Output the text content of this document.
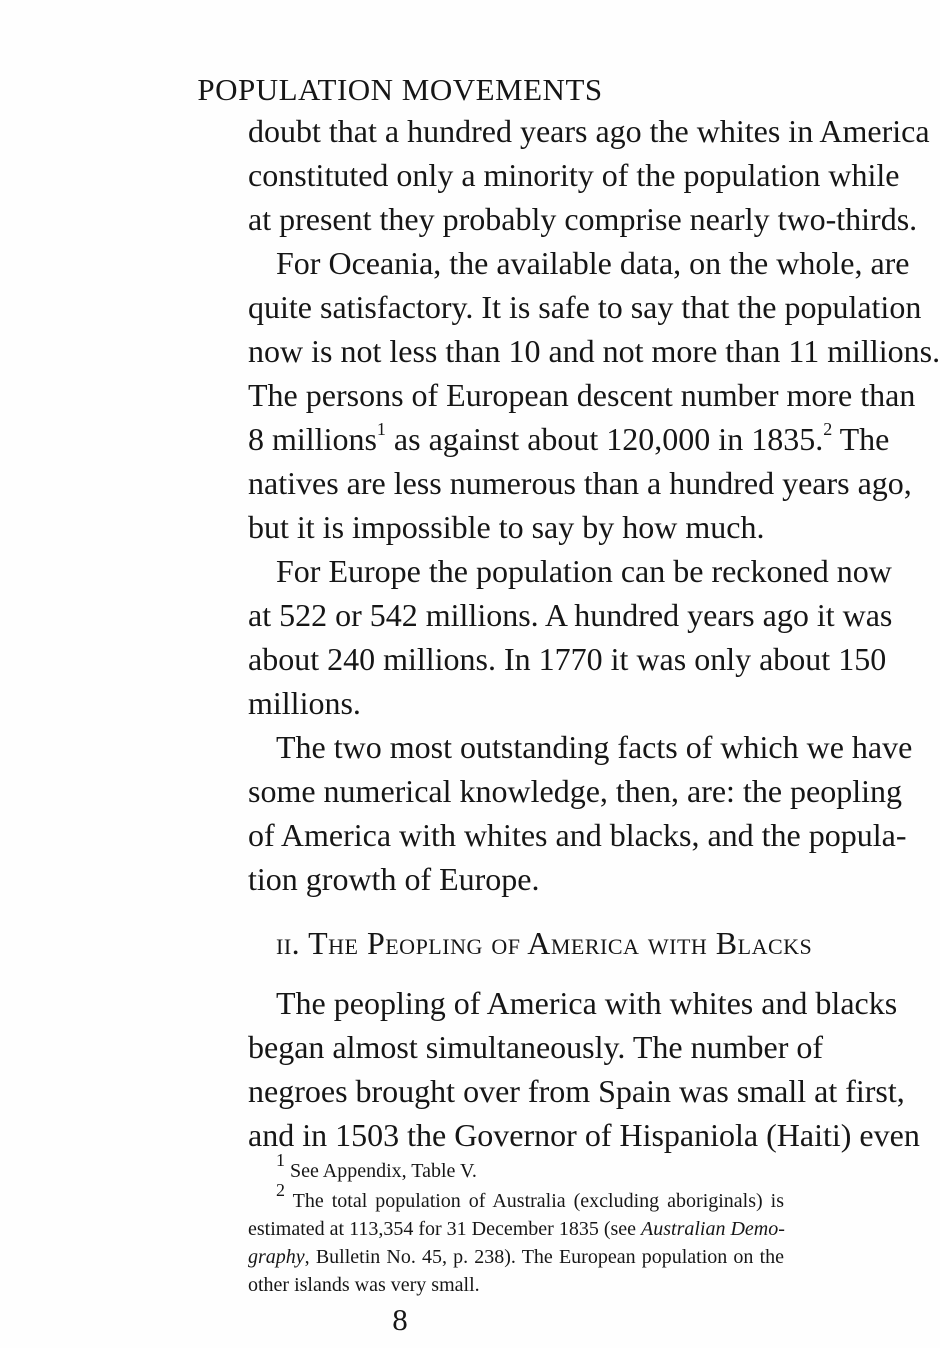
POPULATION MOVEMENTS
doubt that a hundred years ago the whites in America
constituted only a minority of the population while
at present they probably comprise nearly two-thirds.
For Oceania, the available data, on the whole, are
quite satisfactory. It is safe to say that the population
now is not less than 10 and not more than 11 millions.
The persons of European descent number more than
8 millions$^1$ as against about 120,000 in 1835.$^2$ The
natives are less numerous than a hundred years ago,
but it is impossible to say by how much.
For Europe the population can be reckoned now
at 522 or 542 millions. A hundred years ago it was
about 240 millions. In 1770 it was only about 150
millions.
The two most outstanding facts of which we have
some numerical knowledge, then, are: the peopling
of America with whites and blacks, and the popula-
tion growth of Europe.
ii. The Peopling of America with Blacks
The peopling of America with whites and blacks
began almost simultaneously. The number of
negroes brought over from Spain was small at first,
and in 1503 the Governor of Hispaniola (Haiti) even
$^1$ See Appendix, Table V.
$^2$ The total population of Australia (excluding aboriginals) is
estimated at 113,354 for 31 December 1835 (see Australian Demo-
graphy, Bulletin No. 45, p. 238). The European population on the
other islands was very small.
8
